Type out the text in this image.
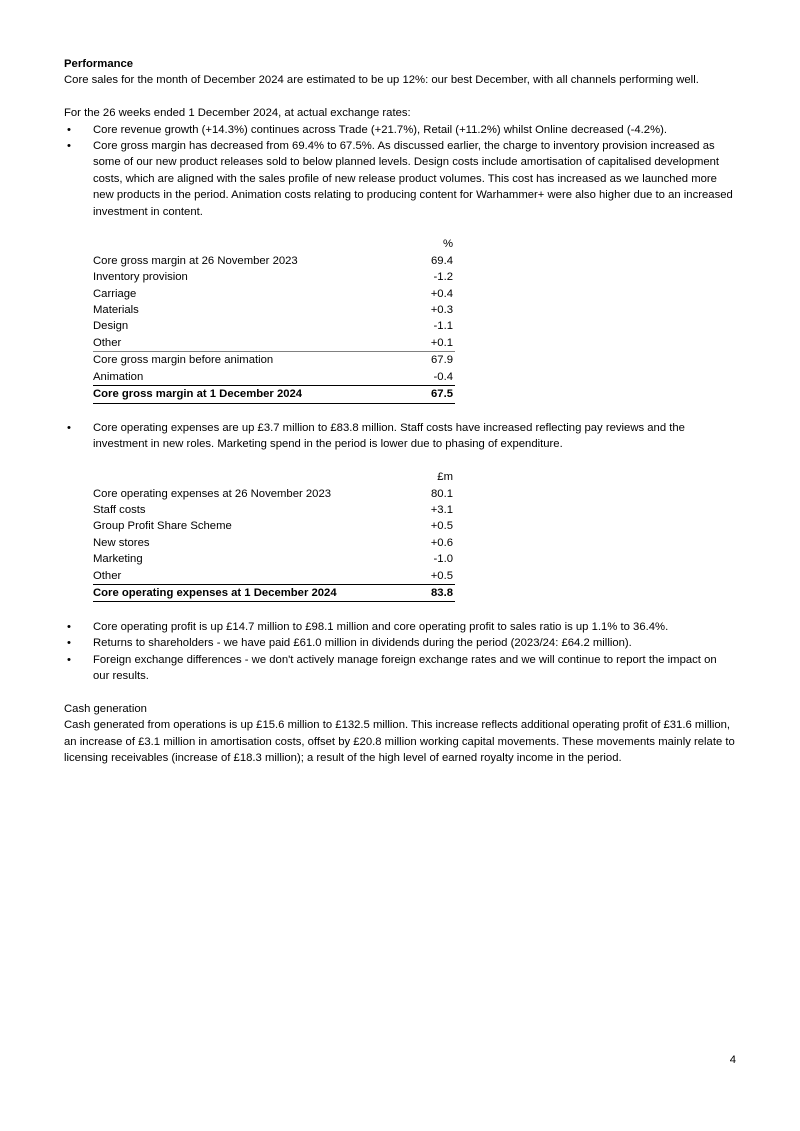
Performance

Core sales for the month of December 2024 are estimated to be up 12%: our best December, with all channels performing well.

For the 26 weeks ended 1 December 2024, at actual exchange rates:

• Core revenue growth (+14.3%) continues across Trade (+21.7%), Retail (+11.2%) whilst Online decreased (-4.2%).
• Core gross margin has decreased from 69.4% to 67.5%. As discussed earlier, the charge to inventory provision increased as some of our new product releases sold to below planned levels. Design costs include amortisation of capitalised development costs, which are aligned with the sales profile of new release product volumes. This cost has increased as we launched more new products in the period. Animation costs relating to producing content for Warhammer+ were also higher due to an increased investment in content.
	%
Core gross margin at 26 November 2023	69.4
Inventory provision	-1.2
Carriage	+0.4
Materials	+0.3
Design	-1.1
Other	+0.1
Core gross margin before animation	67.9
Animation	-0.4
Core gross margin at 1 December 2024	67.5
• Core operating expenses are up £3.7 million to £83.8 million. Staff costs have increased reflecting pay reviews and the investment in new roles. Marketing spend in the period is lower due to phasing of expenditure.
	£m
Core operating expenses at 26 November 2023	80.1
Staff costs	+3.1
Group Profit Share Scheme	+0.5
New stores	+0.6
Marketing	-1.0
Other	+0.5
Core operating expenses at 1 December 2024	83.8
• Core operating profit is up £14.7 million to £98.1 million and core operating profit to sales ratio is up 1.1% to 36.4%.
• Returns to shareholders - we have paid £61.0 million in dividends during the period (2023/24: £64.2 million).
• Foreign exchange differences - we don't actively manage foreign exchange rates and we will continue to report the impact on our results.

Cash generation

Cash generated from operations is up £15.6 million to £132.5 million. This increase reflects additional operating profit of £31.6 million, an increase of £3.1 million in amortisation costs, offset by £20.8 million working capital movements. These movements mainly relate to licensing receivables (increase of £18.3 million); a result of the high level of earned royalty income in the period.

4
